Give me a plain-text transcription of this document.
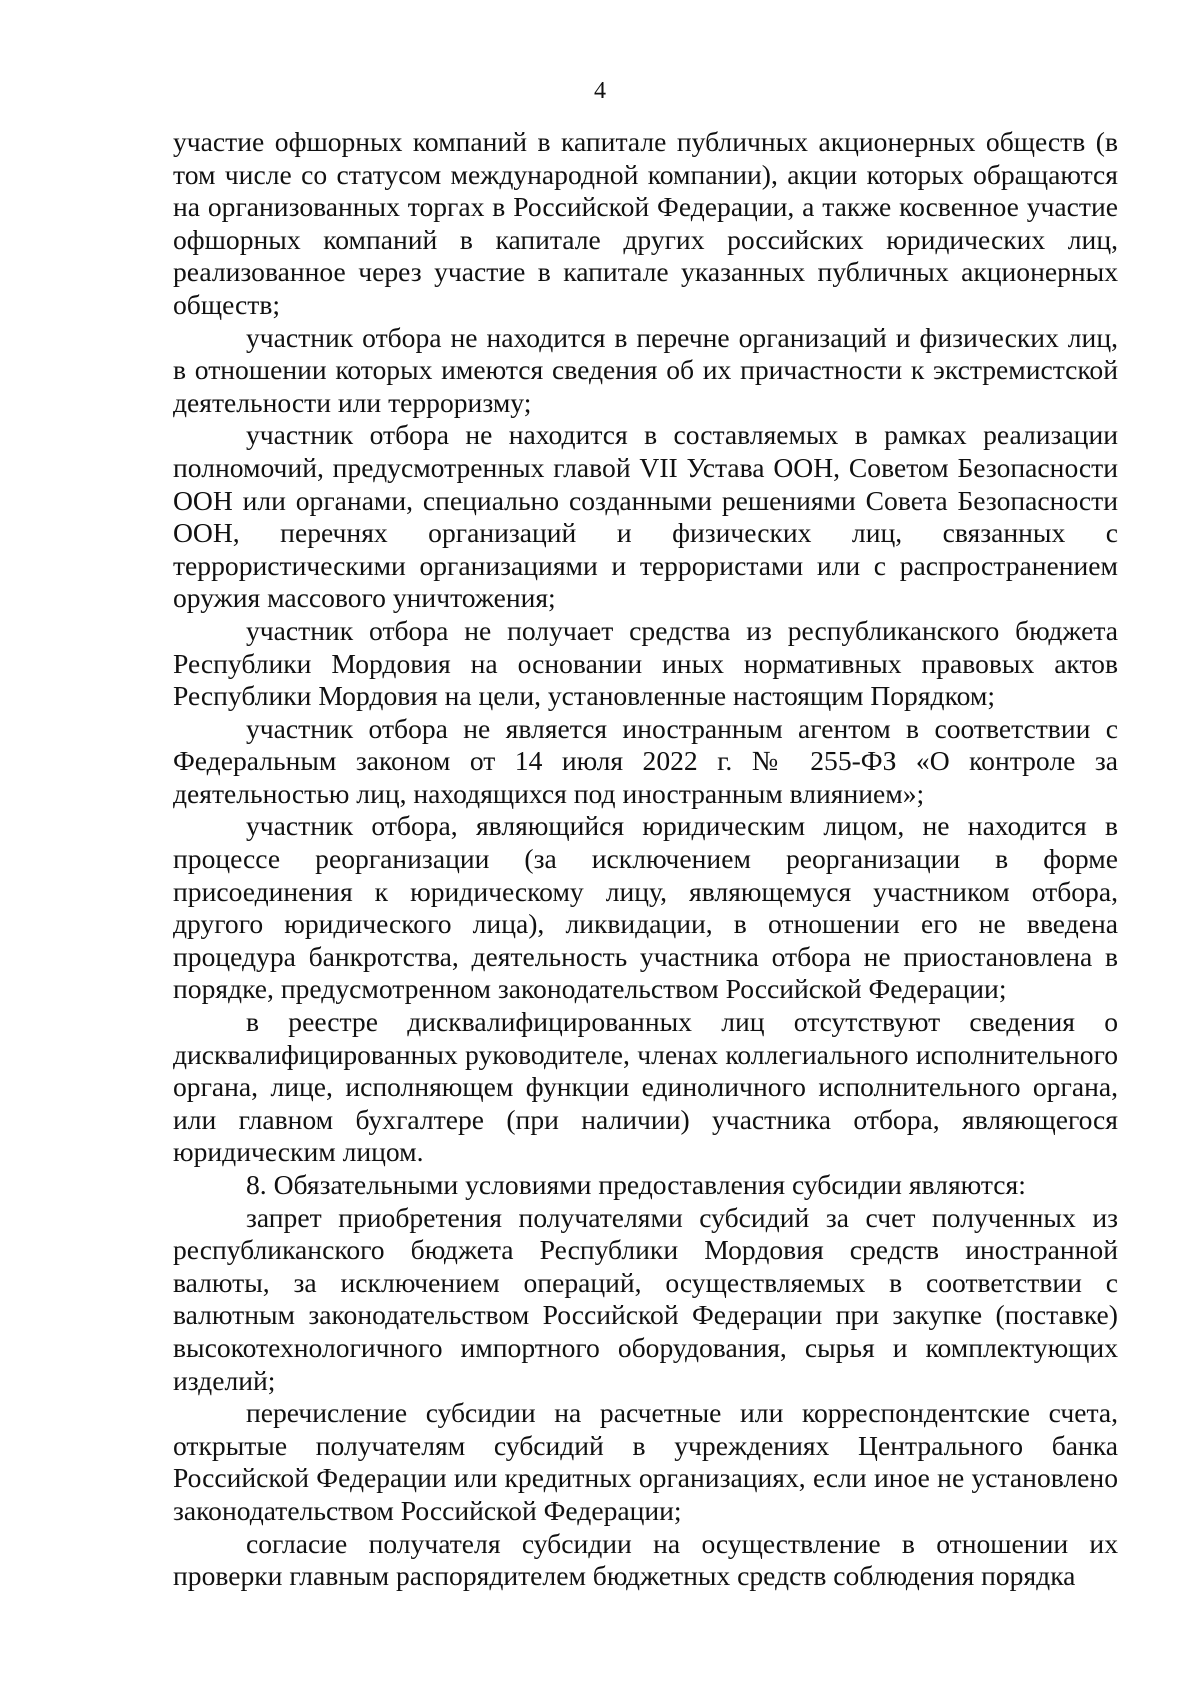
4

участие офшорных компаний в капитале публичных акционерных обществ (в том числе со статусом международной компании), акции которых обращаются на организованных торгах в Российской Федерации, а также косвенное участие офшорных компаний в капитале других российских юридических лиц, реализованное через участие в капитале указанных публичных акционерных обществ;

участник отбора не находится в перечне организаций и физических лиц, в отношении которых имеются сведения об их причастности к экстремистской деятельности или терроризму;

участник отбора не находится в составляемых в рамках реализации полномочий, предусмотренных главой VII Устава ООН, Советом Безопасности ООН или органами, специально созданными решениями Совета Безопасности ООН, перечнях организаций и физических лиц, связанных с террористическими организациями и террористами или с распространением оружия массового уничтожения;

участник отбора не получает средства из республиканского бюджета Республики Мордовия на основании иных нормативных правовых актов Республики Мордовия на цели, установленные настоящим Порядком;

участник отбора не является иностранным агентом в соответствии с Федеральным законом от 14 июля 2022 г. № 255-ФЗ «О контроле за деятельностью лиц, находящихся под иностранным влиянием»;

участник отбора, являющийся юридическим лицом, не находится в процессе реорганизации (за исключением реорганизации в форме присоединения к юридическому лицу, являющемуся участником отбора, другого юридического лица), ликвидации, в отношении его не введена процедура банкротства, деятельность участника отбора не приостановлена в порядке, предусмотренном законодательством Российской Федерации;

в реестре дисквалифицированных лиц отсутствуют сведения о дисквалифицированных руководителе, членах коллегиального исполнительного органа, лице, исполняющем функции единоличного исполнительного органа, или главном бухгалтере (при наличии) участника отбора, являющегося юридическим лицом.

8. Обязательными условиями предоставления субсидии являются:

запрет приобретения получателями субсидий за счет полученных из республиканского бюджета Республики Мордовия средств иностранной валюты, за исключением операций, осуществляемых в соответствии с валютным законодательством Российской Федерации при закупке (поставке) высокотехнологичного импортного оборудования, сырья и комплектующих изделий;

перечисление субсидии на расчетные или корреспондентские счета, открытые получателям субсидий в учреждениях Центрального банка Российской Федерации или кредитных организациях, если иное не установлено законодательством Российской Федерации;

согласие получателя субсидии на осуществление в отношении их проверки главным распорядителем бюджетных средств соблюдения порядка
